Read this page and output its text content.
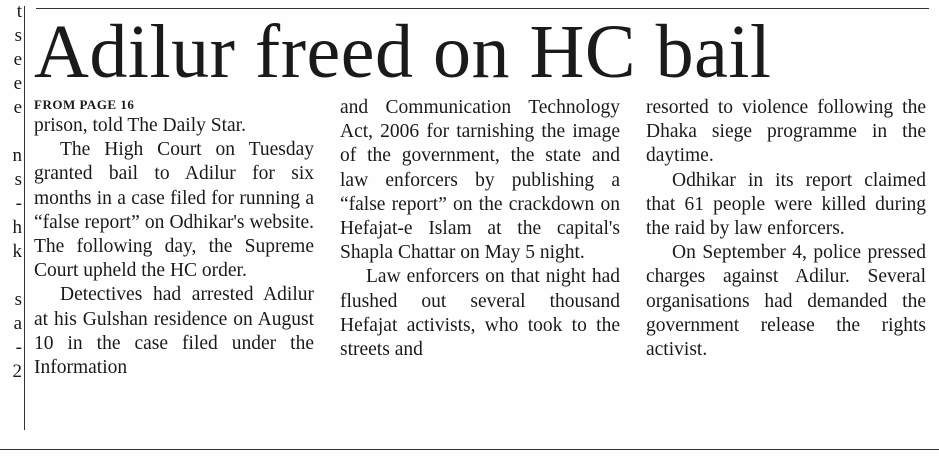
t
s
e
e
e
n
s
-
h
k
s
a
-
2
Adilur freed on HC bail
FROM PAGE 16

prison, told The Daily Star.

The High Court on Tuesday granted bail to Adilur for six months in a case filed for running a “false report” on Odhikar's website. The following day, the Supreme Court upheld the HC order.

Detectives had arrested Adilur at his Gulshan residence on August 10 in the case filed under the Information

and Communication Technology Act, 2006 for tarnishing the image of the government, the state and law enforcers by publishing a “false report” on the crackdown on Hefajat-e Islam at the capital's Shapla Chattar on May 5 night.

Law enforcers on that night had flushed out several thousand Hefajat activists, who took to the streets and

resorted to violence following the Dhaka siege programme in the daytime.

Odhikar in its report claimed that 61 people were killed during the raid by law enforcers.

On September 4, police pressed charges against Adilur. Several organisations had demanded the government release the rights activist.
